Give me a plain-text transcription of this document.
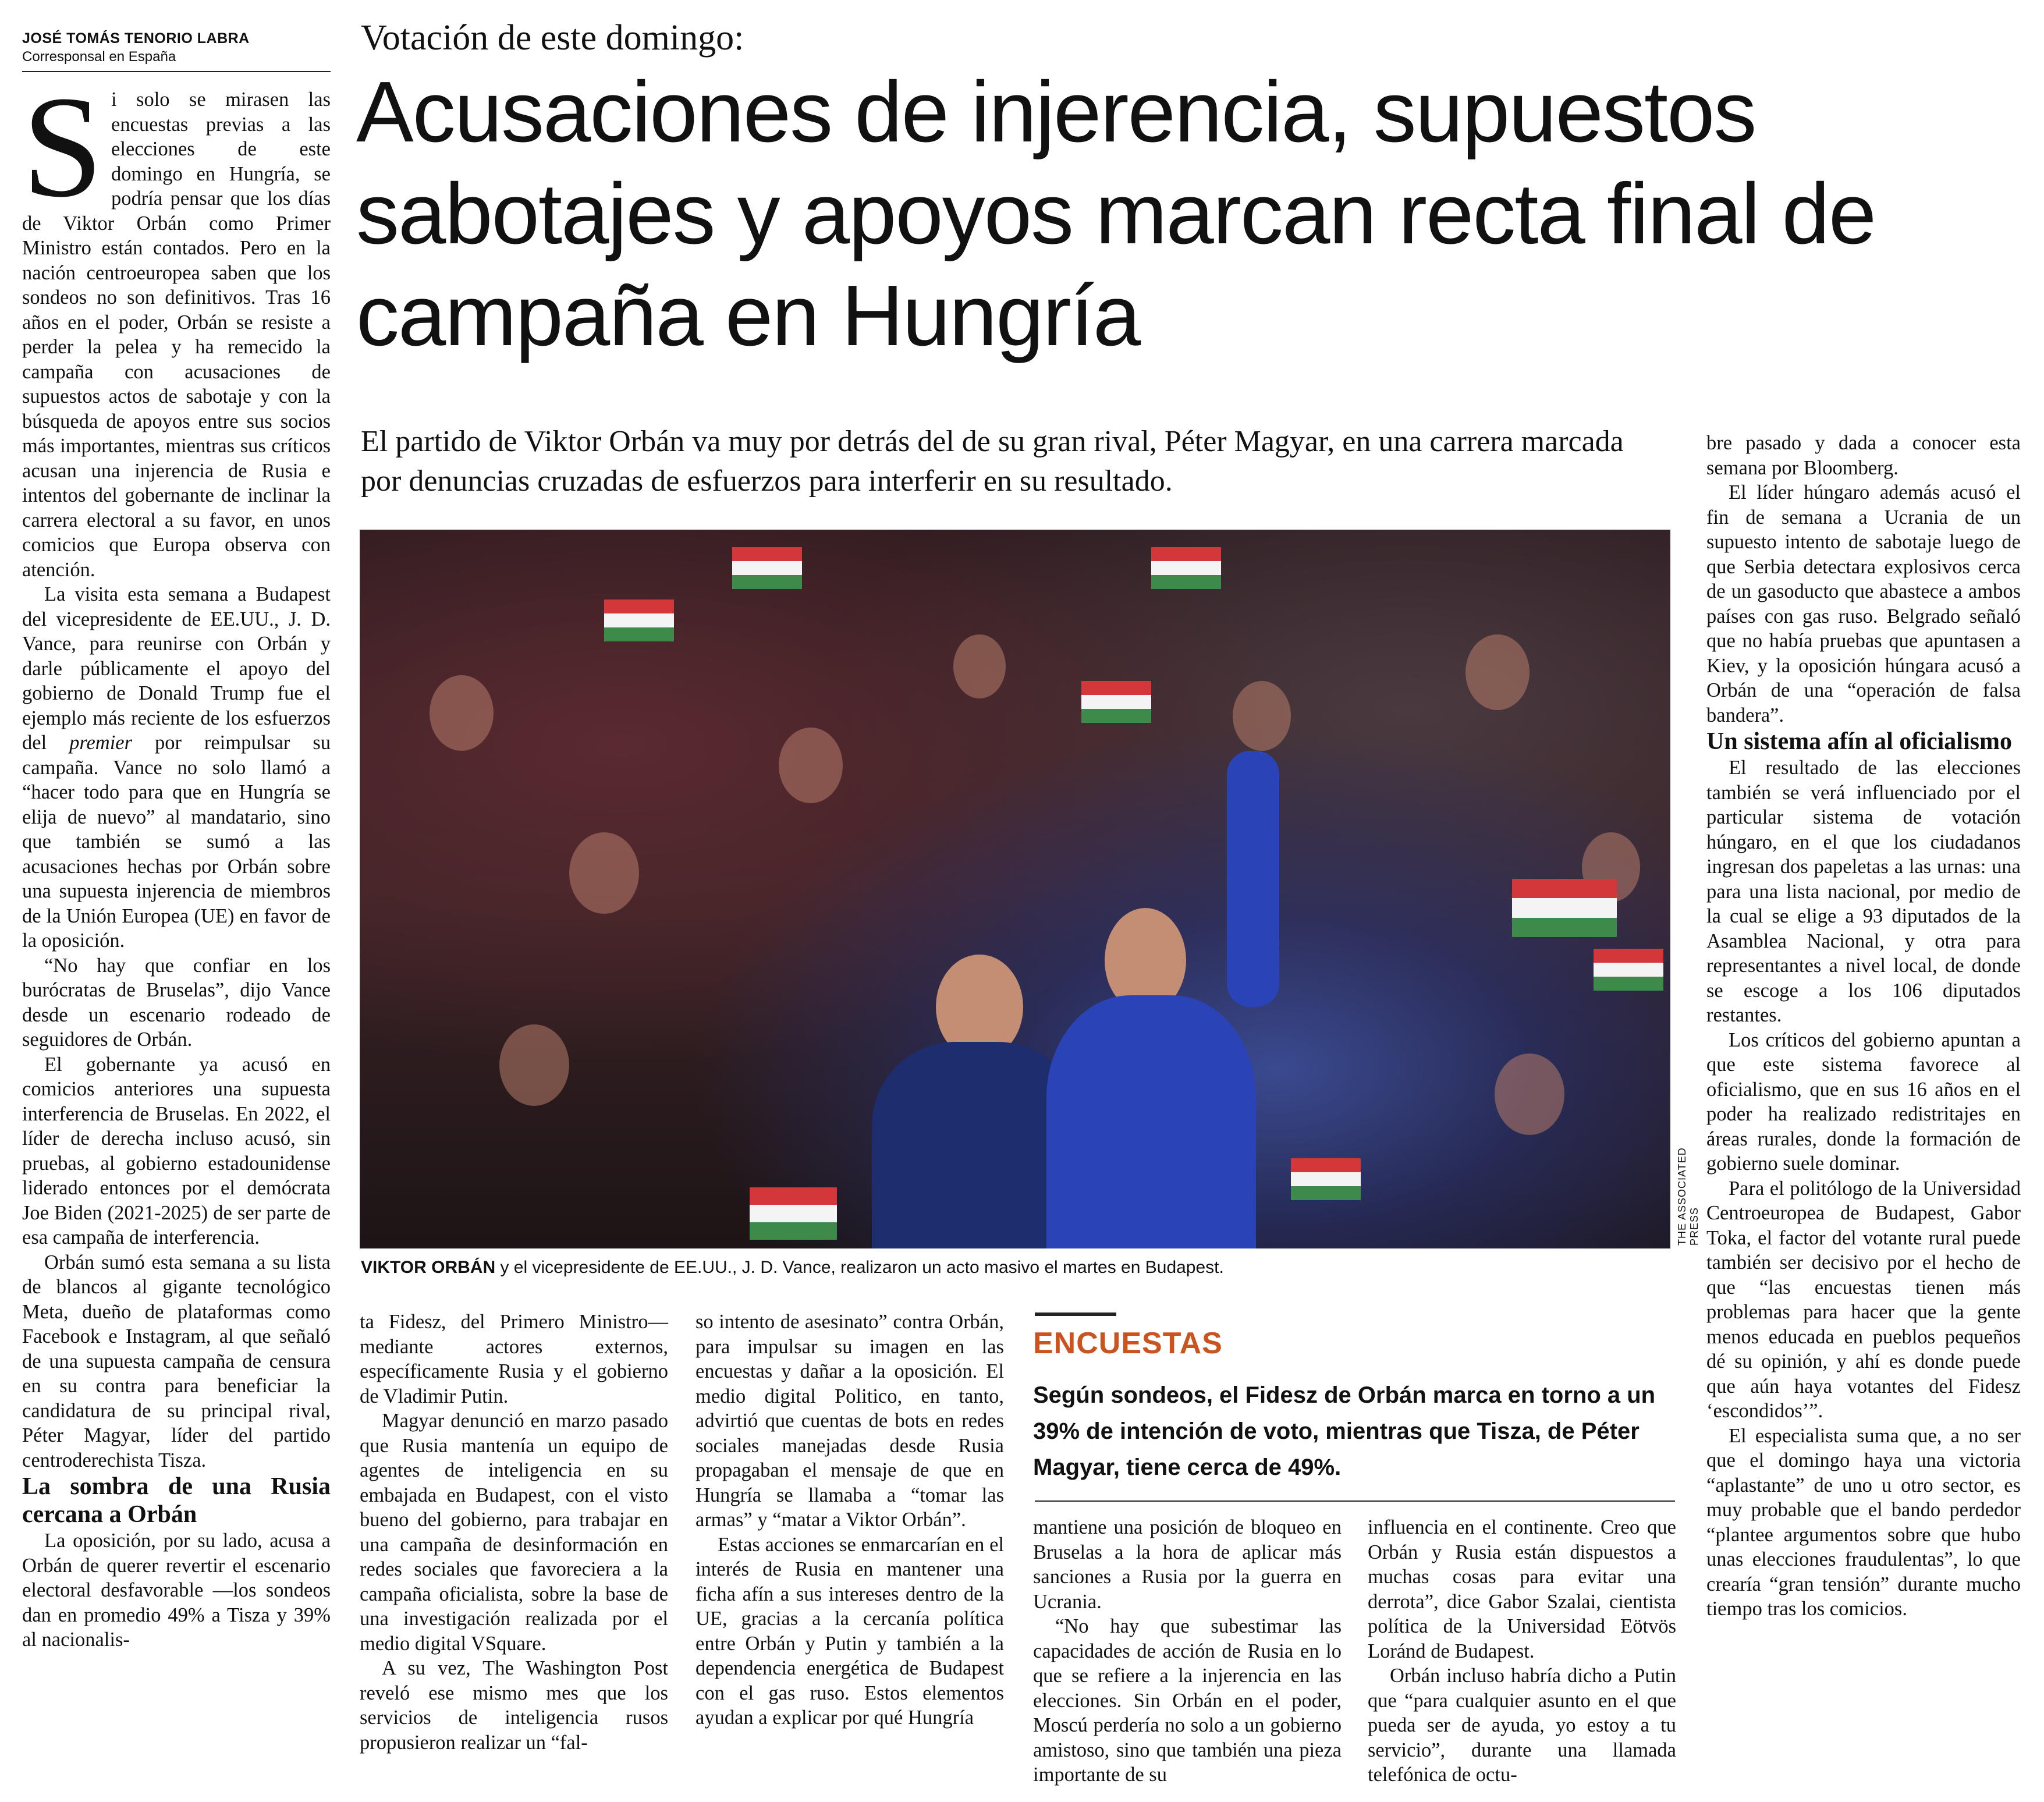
JOSÉ TOMÁS TENORIO LABRA
Corresponsal en España

Si solo se mirasen las encuestas previas a las elecciones de este domingo en Hungría, se podría pensar que los días de Viktor Orbán como Primer Ministro están contados. Pero en la nación centroeuropea saben que los sondeos no son definitivos. Tras 16 años en el poder, Orbán se resiste a perder la pelea y ha remecido la campaña con acusaciones de supuestos actos de sabotaje y con la búsqueda de apoyos entre sus socios más importantes, mientras sus críticos acusan una injerencia de Rusia e intentos del gobernante de inclinar la carrera electoral a su favor, en unos comicios que Europa observa con atención.

La visita esta semana a Budapest del vicepresidente de EE.UU., J. D. Vance, para reunirse con Orbán y darle públicamente el apoyo del gobierno de Donald Trump fue el ejemplo más reciente de los esfuerzos del premier por reimpulsar su campaña. Vance no solo llamó a “hacer todo para que en Hungría se elija de nuevo” al mandatario, sino que también se sumó a las acusaciones hechas por Orbán sobre una supuesta injerencia de miembros de la Unión Europea (UE) en favor de la oposición.

“No hay que confiar en los burócratas de Bruselas”, dijo Vance desde un escenario rodeado de seguidores de Orbán.

El gobernante ya acusó en comicios anteriores una supuesta interferencia de Bruselas. En 2022, el líder de derecha incluso acusó, sin pruebas, al gobierno estadounidense liderado entonces por el demócrata Joe Biden (2021-2025) de ser parte de esa campaña de interferencia.

Orbán sumó esta semana a su lista de blancos al gigante tecnológico Meta, dueño de plataformas como Facebook e Instagram, al que señaló de una supuesta campaña de censura en su contra para beneficiar la candidatura de su principal rival, Péter Magyar, líder del partido centroderechista Tisza.

La sombra de una Rusia cercana a Orbán

La oposición, por su lado, acusa a Orbán de querer revertir el escenario electoral desfavorable —los sondeos dan en promedio 49% a Tisza y 39% al nacionalis-

Votación de este domingo:
Acusaciones de injerencia, supuestos sabotajes y apoyos marcan recta final de campaña en Hungría
El partido de Viktor Orbán va muy por detrás del de su gran rival, Péter Magyar, en una carrera marcada por denuncias cruzadas de esfuerzos para interferir en su resultado.
THE ASSOCIATED PRESS
VIKTOR ORBÁN y el vicepresidente de EE.UU., J. D. Vance, realizaron un acto masivo el martes en Budapest.

ta Fidesz, del Primero Ministro— mediante actores externos, específicamente Rusia y el gobierno de Vladimir Putin.

Magyar denunció en marzo pasado que Rusia mantenía un equipo de agentes de inteligencia en su embajada en Budapest, con el visto bueno del gobierno, para trabajar en una campaña de desinformación en redes sociales que favoreciera a la campaña oficialista, sobre la base de una investigación realizada por el medio digital VSquare.

A su vez, The Washington Post reveló ese mismo mes que los servicios de inteligencia rusos propusieron realizar un “fal-

so intento de asesinato” contra Orbán, para impulsar su imagen en las encuestas y dañar a la oposición. El medio digital Politico, en tanto, advirtió que cuentas de bots en redes sociales manejadas desde Rusia propagaban el mensaje de que en Hungría se llamaba a “tomar las armas” y “matar a Viktor Orbán”.

Estas acciones se enmarcarían en el interés de Rusia en mantener una ficha afín a sus intereses dentro de la UE, gracias a la cercanía política entre Orbán y Putin y también a la dependencia energética de Budapest con el gas ruso. Estos elementos ayudan a explicar por qué Hungría

ENCUESTAS
Según sondeos, el Fidesz de Orbán marca en torno a un 39% de intención de voto, mientras que Tisza, de Péter Magyar, tiene cerca de 49%.

mantiene una posición de bloqueo en Bruselas a la hora de aplicar más sanciones a Rusia por la guerra en Ucrania.

“No hay que subestimar las capacidades de acción de Rusia en lo que se refiere a la injerencia en las elecciones. Sin Orbán en el poder, Moscú perdería no solo a un gobierno amistoso, sino que también una pieza importante de su

influencia en el continente. Creo que Orbán y Rusia están dispuestos a muchas cosas para evitar una derrota”, dice Gabor Szalai, cientista política de la Universidad Eötvös Loránd de Budapest.

Orbán incluso habría dicho a Putin que “para cualquier asunto en el que pueda ser de ayuda, yo estoy a tu servicio”, durante una llamada telefónica de octu-

bre pasado y dada a conocer esta semana por Bloomberg.

El líder húngaro además acusó el fin de semana a Ucrania de un supuesto intento de sabotaje luego de que Serbia detectara explosivos cerca de un gasoducto que abastece a ambos países con gas ruso. Belgrado señaló que no había pruebas que apuntasen a Kiev, y la oposición húngara acusó a Orbán de una “operación de falsa bandera”.

Un sistema afín al oficialismo

El resultado de las elecciones también se verá influenciado por el particular sistema de votación húngaro, en el que los ciudadanos ingresan dos papeletas a las urnas: una para una lista nacional, por medio de la cual se elige a 93 diputados de la Asamblea Nacional, y otra para representantes a nivel local, de donde se escoge a los 106 diputados restantes.

Los críticos del gobierno apuntan a que este sistema favorece al oficialismo, que en sus 16 años en el poder ha realizado redistritajes en áreas rurales, donde la formación de gobierno suele dominar.

Para el politólogo de la Universidad Centroeuropea de Budapest, Gabor Toka, el factor del votante rural puede también ser decisivo por el hecho de que “las encuestas tienen más problemas para hacer que la gente menos educada en pueblos pequeños dé su opinión, y ahí es donde puede que aún haya votantes del Fidesz ‘escondidos’”.

El especialista suma que, a no ser que el domingo haya una victoria “aplastante” de uno u otro sector, es muy probable que el bando perdedor “plantee argumentos sobre que hubo unas elecciones fraudulentas”, lo que crearía “gran tensión” durante mucho tiempo tras los comicios.
